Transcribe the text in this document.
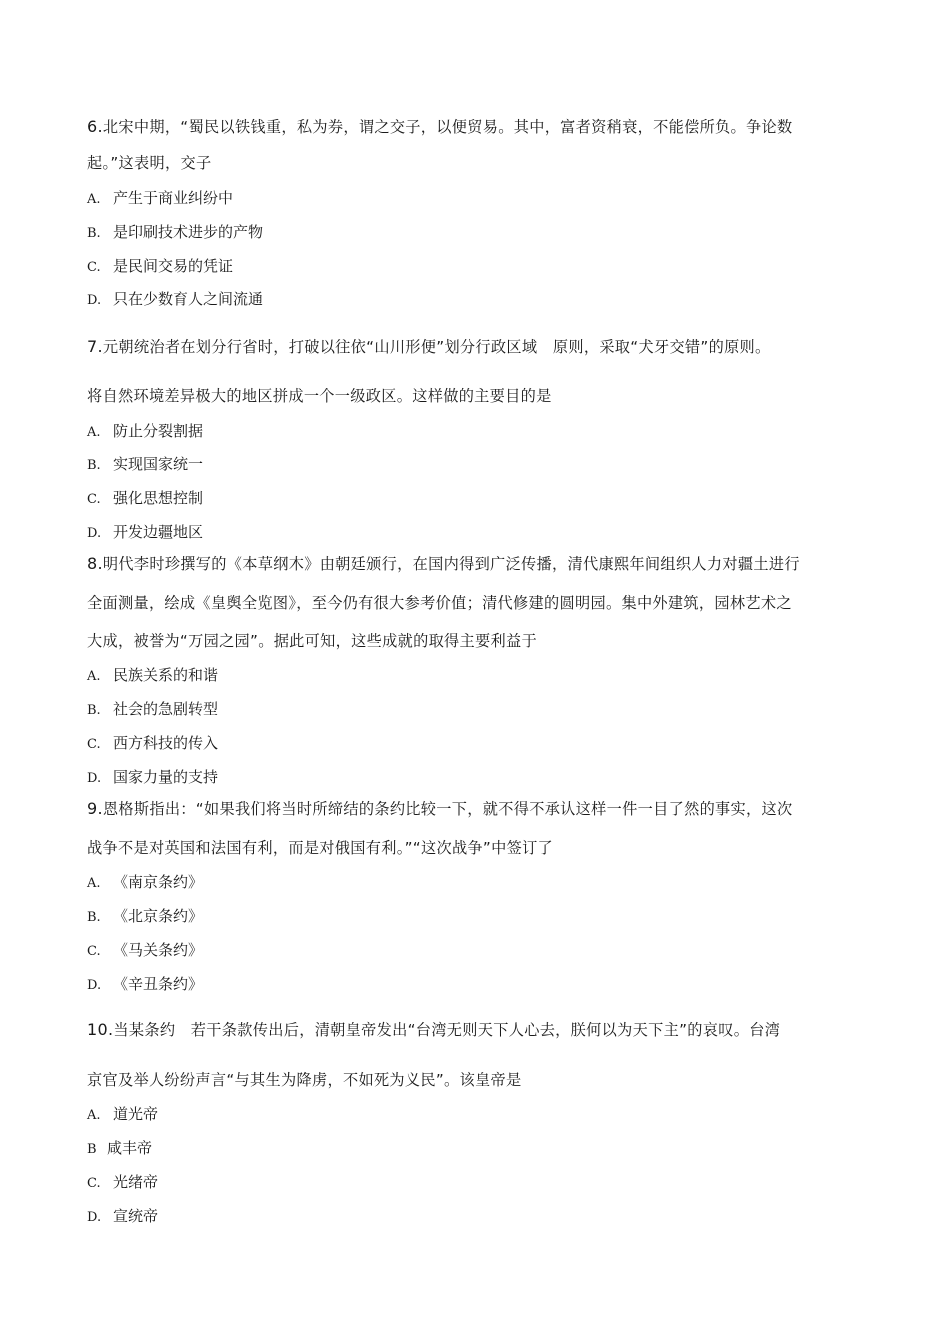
6.北宋中期，“蜀民以铁钱重，私为券，谓之交子，以便贸易。其中，富者资稍衰，不能偿所负。争论数
起。”这表明，交子
A. 产生于商业纠纷中
B. 是印刷技术进步的产物
C. 是民间交易的凭证
D. 只在少数育人之间流通
7.元朝统治者在划分行省时，打破以往依“山川形便”划分行政区域　原则，采取“犬牙交错”的原则。
将自然环境差异极大的地区拼成一个一级政区。这样做的主要目的是
A. 防止分裂割据
B. 实现国家统一
C. 强化思想控制
D. 开发边疆地区
8.明代李时珍撰写的《本草纲木》由朝廷颁行，在国内得到广泛传播，清代康熙年间组织人力对疆土进行
全面测量，绘成《皇舆全览图》，至今仍有很大参考价值；清代修建的圆明园。集中外建筑，园林艺术之
大成，被誉为“万园之园”。据此可知，这些成就的取得主要利益于
A. 民族关系的和谐
B. 社会的急剧转型
C. 西方科技的传入
D. 国家力量的支持
9.恩格斯指出：“如果我们将当时所缔结的条约比较一下，就不得不承认这样一件一目了然的事实，这次
战争不是对英国和法国有利，而是对俄国有利。”“这次战争”中签订了
A. 《南京条约》
B. 《北京条约》
C. 《马关条约》
D. 《辛丑条约》
10.当某条约　若干条款传出后，清朝皇帝发出“台湾无则天下人心去，朕何以为天下主”的哀叹。台湾
京官及举人纷纷声言“与其生为降虏，不如死为义民”。该皇帝是
A. 道光帝
B 咸丰帝
C. 光绪帝
D. 宣统帝
